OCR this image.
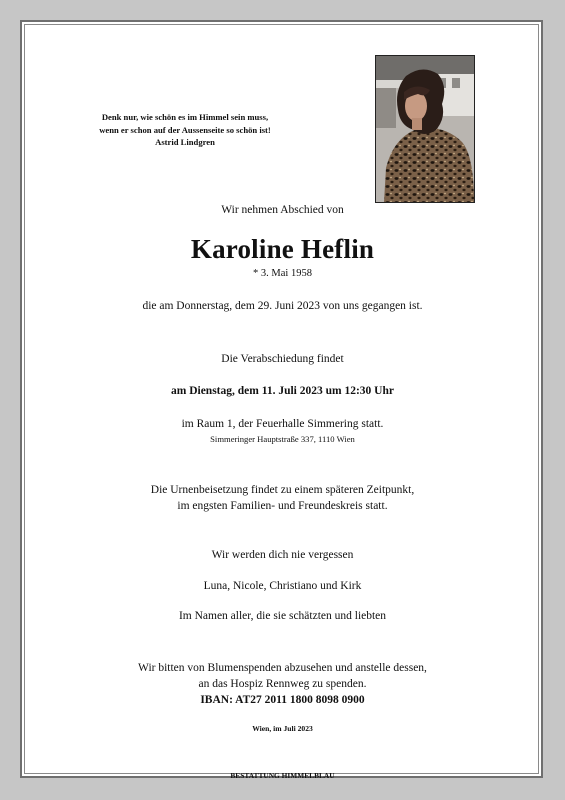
Denk nur, wie schön es im Himmel sein muss,
wenn er schon auf der Aussenseite so schön ist!
Astrid Lindgren
Wir nehmen Abschied von
Karoline Heflin
* 3. Mai 1958
die am Donnerstag, dem 29. Juni 2023 von uns gegangen ist.
Die Verabschiedung findet
am Dienstag, dem 11. Juli 2023 um 12:30 Uhr
im Raum 1, der Feuerhalle Simmering statt.
Simmeringer Hauptstraße 337, 1110 Wien
Die Urnenbeisetzung findet zu einem späteren Zeitpunkt,
im engsten Familien- und Freundeskreis statt.
Wir werden dich nie vergessen
Luna, Nicole, Christiano und Kirk
Im Namen aller, die sie schätzten und liebten
Wir bitten von Blumenspenden abzusehen und anstelle dessen,
an das Hospiz Rennweg zu spenden.
IBAN: AT27 2011 1800 8098 0900
Wien, im Juli 2023
BESTATTUNG HIMMELBLAU
